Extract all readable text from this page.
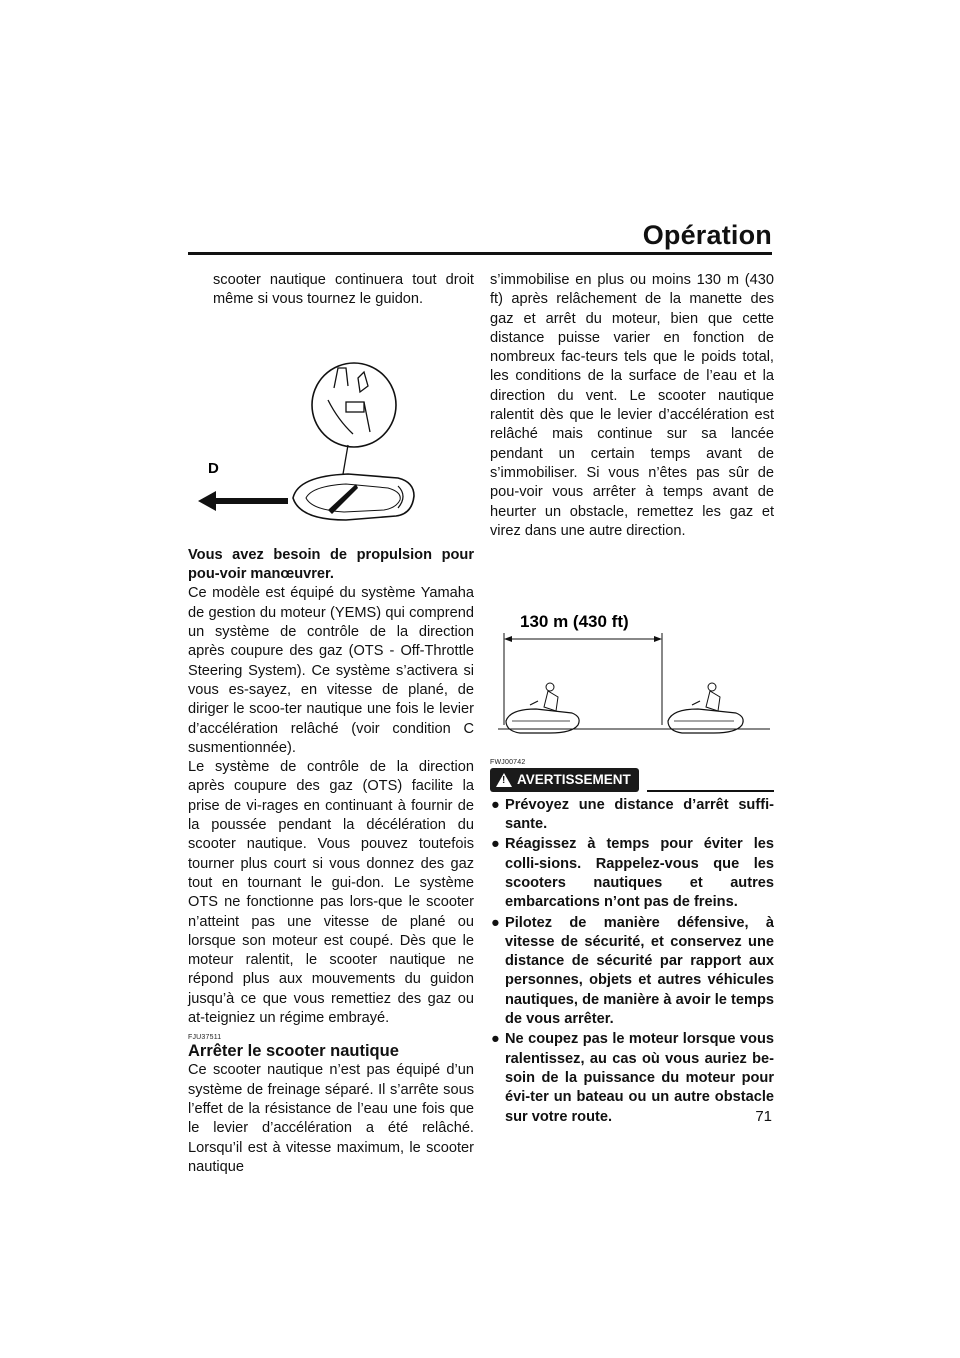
Opération

scooter nautique continuera tout droit même si vous tournez le guidon.

D

Vous avez besoin de propulsion pour pou-voir manœuvrer.

Ce modèle est équipé du système Yamaha de gestion du moteur (YEMS) qui comprend un système de contrôle de la direction après coupure des gaz (OTS - Off-Throttle Steering System). Ce système s’activera si vous es-sayez, en vitesse de plané, de diriger le scoo-ter nautique une fois le levier d’accélération relâché (voir condition C susmentionnée).

Le système de contrôle de la direction après coupure des gaz (OTS) facilite la prise de vi-rages en continuant à fournir de la poussée pendant la décélération du scooter nautique. Vous pouvez toutefois tourner plus court si vous donnez des gaz tout en tournant le gui-don. Le système OTS ne fonctionne pas lors-que le scooter n’atteint pas une vitesse de plané ou lorsque son moteur est coupé. Dès que le moteur ralentit, le scooter nautique ne répond plus aux mouvements du guidon jusqu’à ce que vous remettiez des gaz ou at-teigniez un régime embrayé.

FJU37511

Arrêter le scooter nautique

Ce scooter nautique n’est pas équipé d’un système de freinage séparé. Il s’arrête sous l’effet de la résistance de l’eau une fois que le levier d’accélération a été relâché. Lorsqu’il est à vitesse maximum, le scooter nautique

s’immobilise en plus ou moins 130 m (430 ft) après relâchement de la manette des gaz et arrêt du moteur, bien que cette distance puisse varier en fonction de nombreux fac-teurs tels que le poids total, les conditions de la surface de l’eau et la direction du vent. Le scooter nautique ralentit dès que le levier d’accélération est relâché mais continue sur sa lancée pendant un certain temps avant de s’immobiliser. Si vous n’êtes pas sûr de pou-voir vous arrêter à temps avant de heurter un obstacle, remettez les gaz et virez dans une autre direction.

130 m (430 ft)
FWJ00742
! AVERTISSEMENT
● Prévoyez une distance d’arrêt suffi-sante.
● Réagissez à temps pour éviter les colli-sions. Rappelez-vous que les scooters nautiques et autres embarcations n’ont pas de freins.
● Pilotez de manière défensive, à vitesse de sécurité, et conservez une distance de sécurité par rapport aux personnes, objets et autres véhicules nautiques, de manière à avoir le temps de vous arrêter.
● Ne coupez pas le moteur lorsque vous ralentissez, au cas où vous auriez be-soin de la puissance du moteur pour évi-ter un bateau ou un autre obstacle sur votre route.	71
